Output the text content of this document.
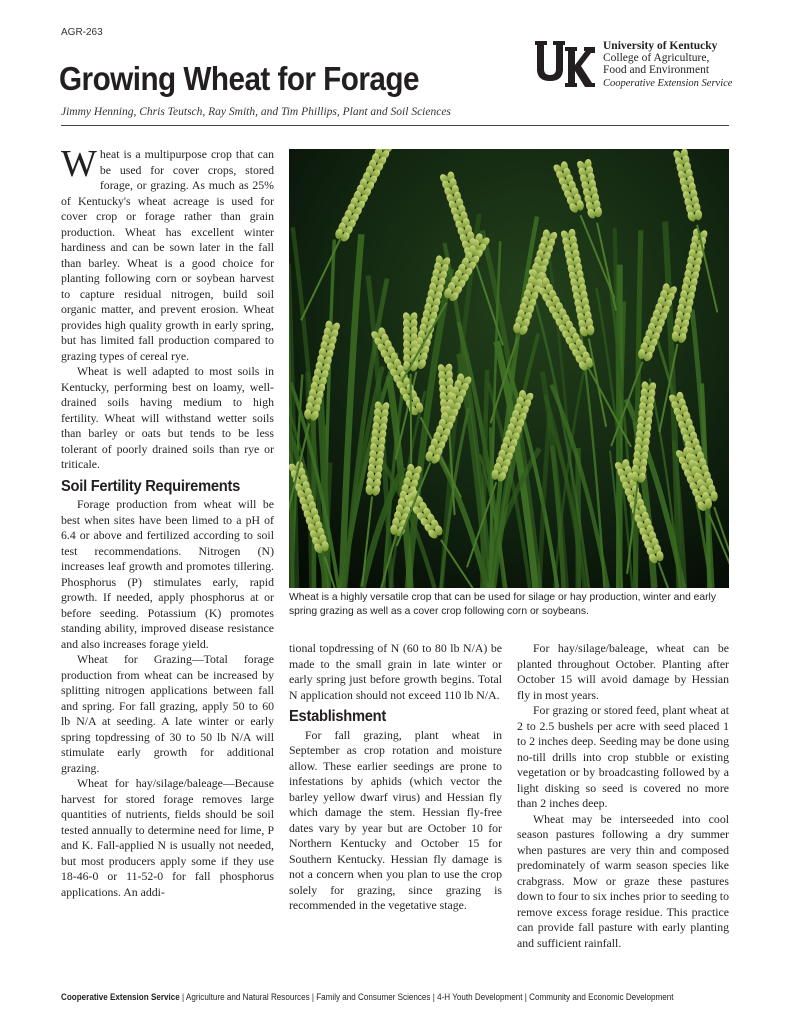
AGR-263
Growing Wheat for Forage
Jimmy Henning, Chris Teutsch, Ray Smith, and Tim Phillips, Plant and Soil Sciences
University of Kentucky
College of Agriculture,
Food and Environment
Cooperative Extension Service

Wheat is a multipurpose crop that can be used for cover crops, stored forage, or grazing. As much as 25% of Kentucky's wheat acreage is used for cover crop or forage rather than grain production. Wheat has excellent winter hardiness and can be sown later in the fall than barley. Wheat is a good choice for planting following corn or soybean harvest to capture residual nitrogen, build soil organic matter, and prevent erosion. Wheat provides high quality growth in early spring, but has limited fall production compared to grazing types of cereal rye.

Wheat is well adapted to most soils in Kentucky, performing best on loamy, well-drained soils having medium to high fertility. Wheat will withstand wetter soils than barley or oats but tends to be less tolerant of poorly drained soils than rye or triticale.

Soil Fertility Requirements

Forage production from wheat will be best when sites have been limed to a pH of 6.4 or above and fertilized according to soil test recommendations. Nitrogen (N) increases leaf growth and promotes tillering. Phosphorus (P) stimulates early, rapid growth. If needed, apply phosphorus at or before seeding. Potassium (K) promotes standing ability, improved disease resistance and also increases forage yield.

Wheat for Grazing—Total forage production from wheat can be increased by splitting nitrogen applications between fall and spring. For fall grazing, apply 50 to 60 lb N/A at seeding. A late winter or early spring topdressing of 30 to 50 lb N/A will stimulate early growth for additional grazing.

Wheat for hay/silage/baleage—Because harvest for stored forage removes large quantities of nutrients, fields should be soil tested annually to determine need for lime, P and K. Fall-applied N is usually not needed, but most producers apply some if they use 18-46-0 or 11-52-0 for fall phosphorus applications. An addi-

Wheat is a highly versatile crop that can be used for silage or hay production, winter and early spring grazing as well as a cover crop following corn or soybeans.

tional topdressing of N (60 to 80 lb N/A) be made to the small grain in late winter or early spring just before growth begins. Total N application should not exceed 110 lb N/A.

Establishment

For fall grazing, plant wheat in September as crop rotation and moisture allow. These earlier seedings are prone to infestations by aphids (which vector the barley yellow dwarf virus) and Hessian fly which damage the stem. Hessian fly-free dates vary by year but are October 10 for Northern Kentucky and October 15 for Southern Kentucky. Hessian fly damage is not a concern when you plan to use the crop solely for grazing, since grazing is recommended in the vegetative stage.

For hay/silage/baleage, wheat can be planted throughout October. Planting after October 15 will avoid damage by Hessian fly in most years.

For grazing or stored feed, plant wheat at 2 to 2.5 bushels per acre with seed placed 1 to 2 inches deep. Seeding may be done using no-till drills into crop stubble or existing vegetation or by broadcasting followed by a light disking so seed is covered no more than 2 inches deep.

Wheat may be interseeded into cool season pastures following a dry summer when pastures are very thin and composed predominately of warm season species like crabgrass. Mow or graze these pastures down to four to six inches prior to seeding to remove excess forage residue. This practice can provide fall pasture with early planting and sufficient rainfall.

Cooperative Extension Service | Agriculture and Natural Resources | Family and Consumer Sciences | 4-H Youth Development | Community and Economic Development
